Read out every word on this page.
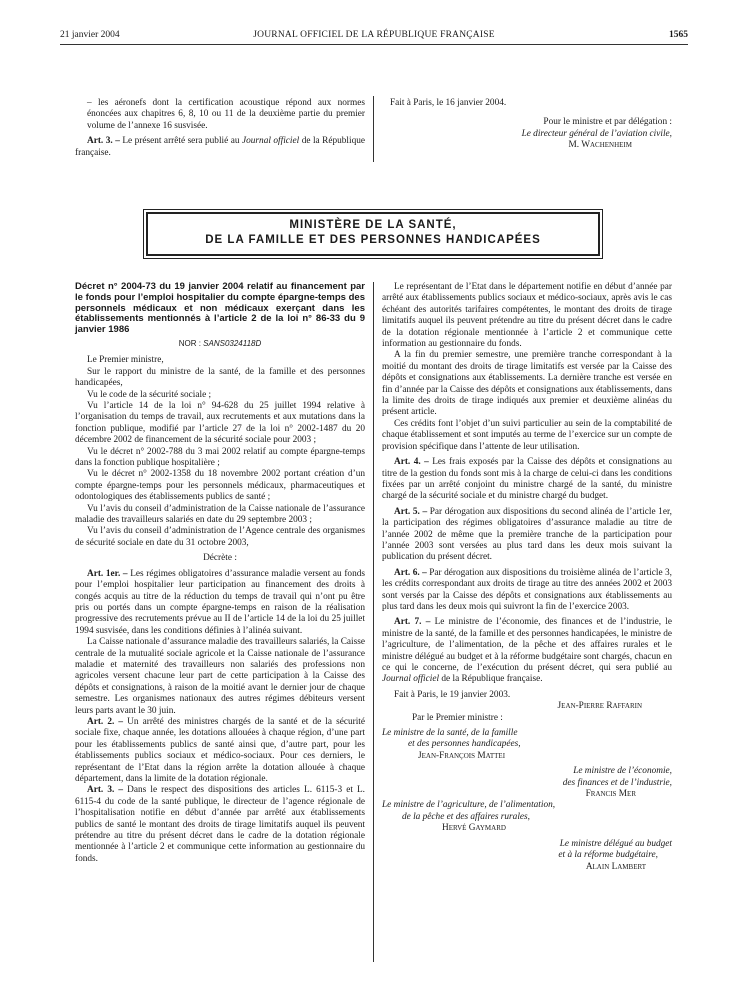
21 janvier 2004	JOURNAL OFFICIEL DE LA RÉPUBLIQUE FRANÇAISE	1565

– les aéronefs dont la certification acoustique répond aux normes énoncées aux chapitres 6, 8, 10 ou 11 de la deuxième partie du premier volume de l’annexe 16 susvisée.

Art. 3. – Le présent arrêté sera publié au Journal officiel de la République française.

Fait à Paris, le 16 janvier 2004.

Pour le ministre et par délégation :

Le directeur général de l’aviation civile,

M. Wachenheim

MINISTÈRE DE LA SANTÉ,
DE LA FAMILLE ET DES PERSONNES HANDICAPÉES
Décret n° 2004-73 du 19 janvier 2004 relatif au financement par le fonds pour l’emploi hospitalier du compte épargne-temps des personnels médicaux et non médicaux exerçant dans les établissements mentionnés à l’article 2 de la loi n° 86-33 du 9 janvier 1986
NOR : SANS0324118D

Le Premier ministre,

Sur le rapport du ministre de la santé, de la famille et des personnes handicapées,

Vu le code de la sécurité sociale ;

Vu l’article 14 de la loi n° 94-628 du 25 juillet 1994 relative à l’organisation du temps de travail, aux recrutements et aux mutations dans la fonction publique, modifié par l’article 27 de la loi n° 2002-1487 du 20 décembre 2002 de financement de la sécurité sociale pour 2003 ;

Vu le décret n° 2002-788 du 3 mai 2002 relatif au compte épargne-temps dans la fonction publique hospitalière ;

Vu le décret n° 2002-1358 du 18 novembre 2002 portant création d’un compte épargne-temps pour les personnels médicaux, pharmaceutiques et odontologiques des établissements publics de santé ;

Vu l’avis du conseil d’administration de la Caisse nationale de l’assurance maladie des travailleurs salariés en date du 29 septembre 2003 ;

Vu l’avis du conseil d’administration de l’Agence centrale des organismes de sécurité sociale en date du 31 octobre 2003,

Décrète :

Art. 1er. – Les régimes obligatoires d’assurance maladie versent au fonds pour l’emploi hospitalier leur participation au financement des droits à congés acquis au titre de la réduction du temps de travail qui n’ont pu être pris ou portés dans un compte épargne-temps en raison de la réalisation progressive des recrutements prévue au II de l’article 14 de la loi du 25 juillet 1994 susvisée, dans les conditions définies à l’alinéa suivant.

La Caisse nationale d’assurance maladie des travailleurs salariés, la Caisse centrale de la mutualité sociale agricole et la Caisse nationale de l’assurance maladie et maternité des travailleurs non salariés des professions non agricoles versent chacune leur part de cette participation à la Caisse des dépôts et consignations, à raison de la moitié avant le dernier jour de chaque semestre. Les organismes nationaux des autres régimes débiteurs versent leurs parts avant le 30 juin.

Art. 2. – Un arrêté des ministres chargés de la santé et de la sécurité sociale fixe, chaque année, les dotations allouées à chaque région, d’une part pour les établissements publics de santé ainsi que, d’autre part, pour les établissements publics sociaux et médico-sociaux. Pour ces derniers, le représentant de l’Etat dans la région arrête la dotation allouée à chaque département, dans la limite de la dotation régionale.

Art. 3. – Dans le respect des dispositions des articles L. 6115-3 et L. 6115-4 du code de la santé publique, le directeur de l’agence régionale de l’hospitalisation notifie en début d’année par arrêté aux établissements publics de santé le montant des droits de tirage limitatifs auquel ils peuvent prétendre au titre du présent décret dans le cadre de la dotation régionale mentionnée à l’article 2 et communique cette information au gestionnaire du fonds.

Le représentant de l’Etat dans le département notifie en début d’année par arrêté aux établissements publics sociaux et médico-sociaux, après avis le cas échéant des autorités tarifaires compétentes, le montant des droits de tirage limitatifs auquel ils peuvent prétendre au titre du présent décret dans le cadre de la dotation régionale mentionnée à l’article 2 et communique cette information au gestionnaire du fonds.

A la fin du premier semestre, une première tranche correspondant à la moitié du montant des droits de tirage limitatifs est versée par la Caisse des dépôts et consignations aux établissements. La dernière tranche est versée en fin d’année par la Caisse des dépôts et consignations aux établissements, dans la limite des droits de tirage indiqués aux premier et deuxième alinéas du présent article.

Ces crédits font l’objet d’un suivi particulier au sein de la comptabilité de chaque établissement et sont imputés au terme de l’exercice sur un compte de provision spécifique dans l’attente de leur utilisation.

Art. 4. – Les frais exposés par la Caisse des dépôts et consignations au titre de la gestion du fonds sont mis à la charge de celui-ci dans les conditions fixées par un arrêté conjoint du ministre chargé de la santé, du ministre chargé de la sécurité sociale et du ministre chargé du budget.

Art. 5. – Par dérogation aux dispositions du second alinéa de l’article 1er, la participation des régimes obligatoires d’assurance maladie au titre de l’année 2002 de même que la première tranche de la participation pour l’année 2003 sont versées au plus tard dans les deux mois suivant la publication du présent décret.

Art. 6. – Par dérogation aux dispositions du troisième alinéa de l’article 3, les crédits correspondant aux droits de tirage au titre des années 2002 et 2003 sont versés par la Caisse des dépôts et consignations aux établissements au plus tard dans les deux mois qui suivront la fin de l’exercice 2003.

Art. 7. – Le ministre de l’économie, des finances et de l’industrie, le ministre de la santé, de la famille et des personnes handicapées, le ministre de l’agriculture, de l’alimentation, de la pêche et des affaires rurales et le ministre délégué au budget et à la réforme budgétaire sont chargés, chacun en ce qui le concerne, de l’exécution du présent décret, qui sera publié au Journal officiel de la République française.

Fait à Paris, le 19 janvier 2003.

Jean-Pierre Raffarin

Par le Premier ministre :

Le ministre de la santé, de la famille

et des personnes handicapées,

Jean-François Mattei

Le ministre de l’économie,

des finances et de l’industrie,

Francis Mer

Le ministre de l’agriculture, de l’alimentation,

de la pêche et des affaires rurales,

Hervé Gaymard

Le ministre délégué au budget

et à la réforme budgétaire,

Alain Lambert
